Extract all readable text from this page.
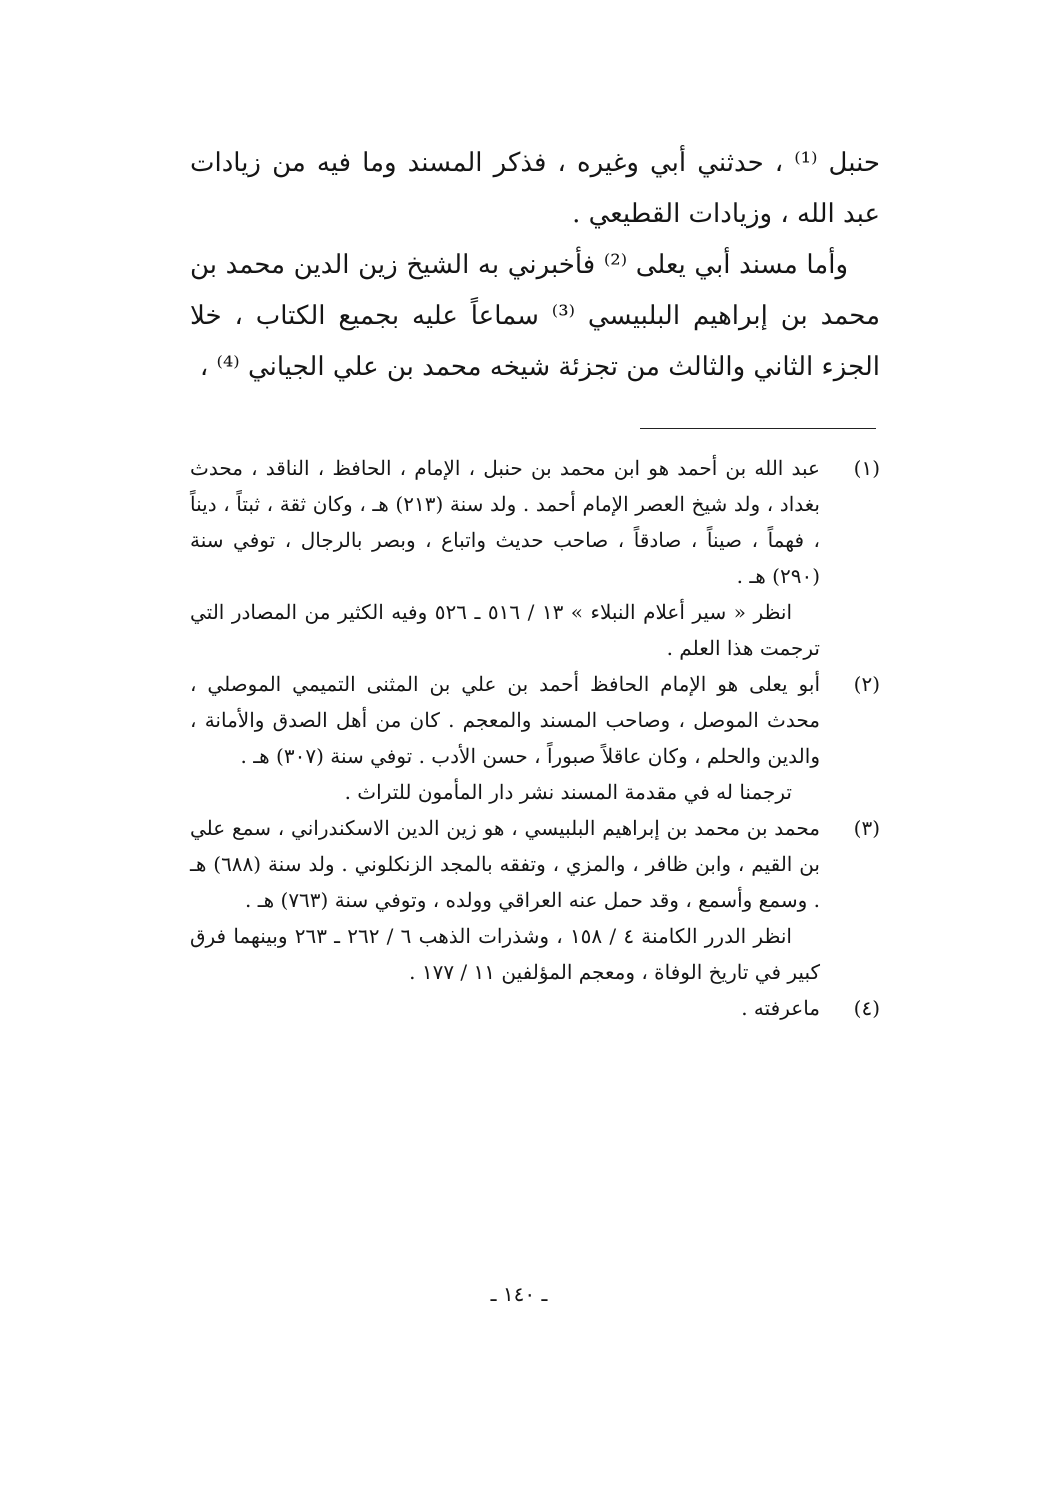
حنبل ⁽¹⁾ ، حدثني أبي وغيره ، فذكر المسند وما فيه من زيادات عبد الله ، وزيادات القطيعي .

وأما مسند أبي يعلى ⁽²⁾ فأخبرني به الشيخ زين الدين محمد بن محمد بن إبراهيم البلبيسي ⁽³⁾ سماعاً عليه بجميع الكتاب ، خلا الجزء الثاني والثالث من تجزئة شيخه محمد بن علي الجياني ⁽⁴⁾ ،

(١)

عبد الله بن أحمد هو ابن محمد بن حنبل ، الإمام ، الحافظ ، الناقد ، محدث بغداد ، ولد شيخ العصر الإمام أحمد . ولد سنة (٢١٣) هـ ، وكان ثقة ، ثبتاً ، ديناً ، فهماً ، صيناً ، صادقاً ، صاحب حديث واتباع ، وبصر بالرجال ، توفي سنة (٢٩٠) هـ .

انظر « سير أعلام النبلاء » ١٣ / ٥١٦ ـ ٥٢٦ وفيه الكثير من المصادر التي ترجمت هذا العلم .

(٢)

أبو يعلى هو الإمام الحافظ أحمد بن علي بن المثنى التميمي الموصلي ، محدث الموصل ، وصاحب المسند والمعجم . كان من أهل الصدق والأمانة ، والدين والحلم ، وكان عاقلاً صبوراً ، حسن الأدب . توفي سنة (٣٠٧) هـ .

ترجمنا له في مقدمة المسند نشر دار المأمون للتراث .

(٣)

محمد بن محمد بن إبراهيم البلبيسي ، هو زين الدين الاسكندراني ، سمع علي بن القيم ، وابن ظافر ، والمزي ، وتفقه بالمجد الزنكلوني . ولد سنة (٦٨٨) هـ . وسمع وأسمع ، وقد حمل عنه العراقي وولده ، وتوفي سنة (٧٦٣) هـ .

انظر الدرر الكامنة ٤ / ١٥٨ ، وشذرات الذهب ٦ / ٢٦٢ ـ ٢٦٣ وبينهما فرق كبير في تاريخ الوفاة ، ومعجم المؤلفين ١١ / ١٧٧ .

(٤)

ماعرفته .

ـ ١٤٠ ـ
